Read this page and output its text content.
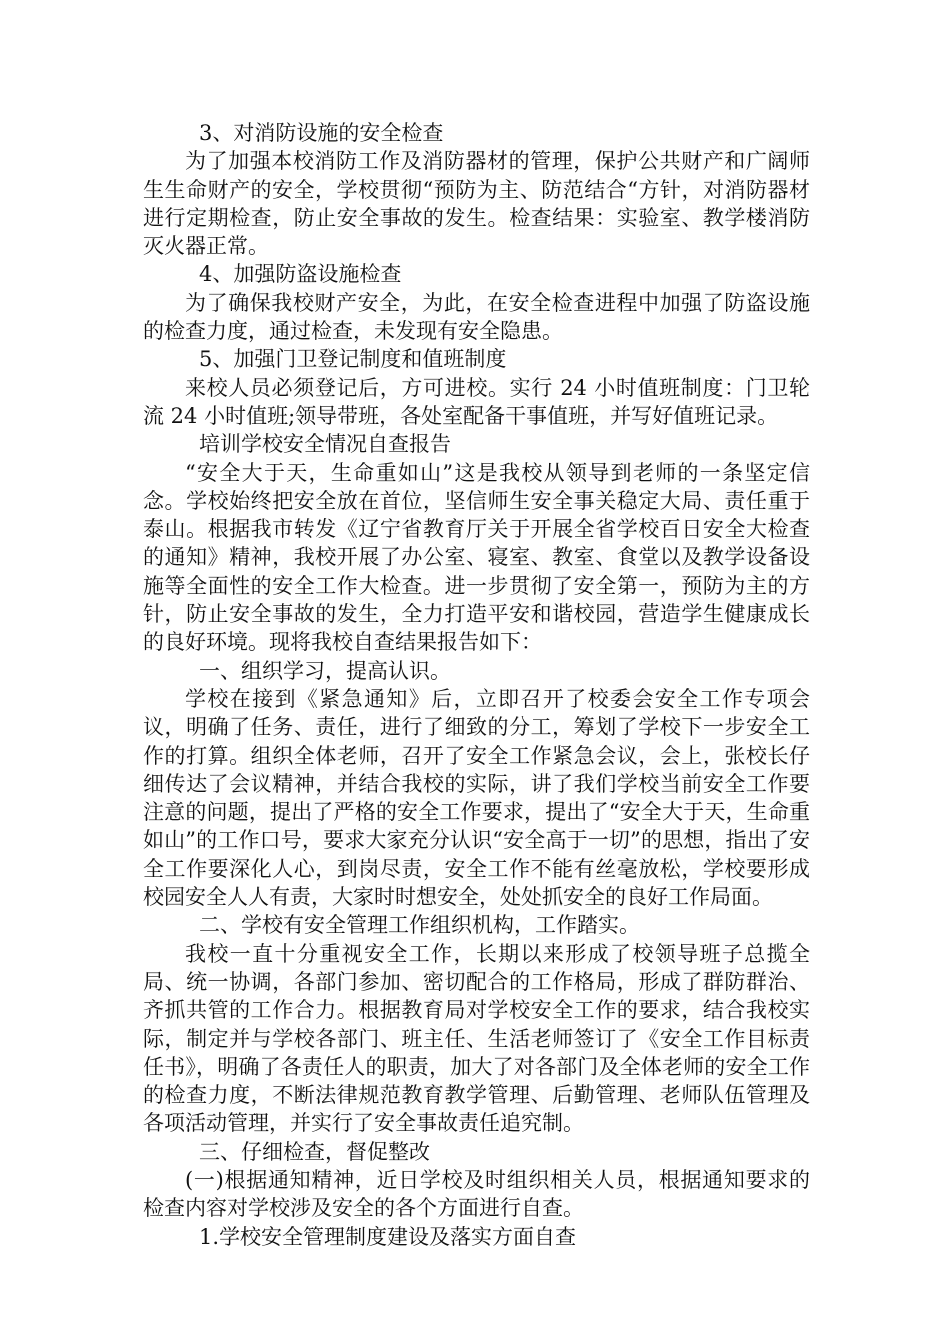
3、对消防设施的安全检查

为了加强本校消防工作及消防器材的管理，保护公共财产和广阔师生生命财产的安全，学校贯彻“预防为主、防范结合“方针，对消防器材进行定期检查，防止安全事故的发生。检查结果：实验室、教学楼消防灭火器正常。

4、加强防盗设施检查

为了确保我校财产安全，为此，在安全检查进程中加强了防盗设施的检查力度，通过检查，未发现有安全隐患。

5、加强门卫登记制度和值班制度

来校人员必须登记后，方可进校。实行 24 小时值班制度：门卫轮流 24 小时值班;领导带班，各处室配备干事值班，并写好值班记录。

培训学校安全情况自查报告

“安全大于天，生命重如山”这是我校从领导到老师的一条坚定信念。学校始终把安全放在首位，坚信师生安全事关稳定大局、责任重于泰山。根据我市转发《辽宁省教育厅关于开展全省学校百日安全大检查的通知》精神，我校开展了办公室、寝室、教室、食堂以及教学设备设施等全面性的安全工作大检查。进一步贯彻了安全第一，预防为主的方针，防止安全事故的发生，全力打造平安和谐校园，营造学生健康成长的良好环境。现将我校自查结果报告如下：

一、组织学习，提高认识。

学校在接到《紧急通知》后，立即召开了校委会安全工作专项会议，明确了任务、责任，进行了细致的分工，筹划了学校下一步安全工作的打算。组织全体老师，召开了安全工作紧急会议，会上，张校长仔细传达了会议精神，并结合我校的实际，讲了我们学校当前安全工作要注意的问题，提出了严格的安全工作要求，提出了“安全大于天，生命重如山”的工作口号，要求大家充分认识“安全高于一切”的思想，指出了安全工作要深化人心，到岗尽责，安全工作不能有丝毫放松，学校要形成校园安全人人有责，大家时时想安全，处处抓安全的良好工作局面。

二、学校有安全管理工作组织机构，工作踏实。

我校一直十分重视安全工作，长期以来形成了校领导班子总揽全局、统一协调，各部门参加、密切配合的工作格局，形成了群防群治、齐抓共管的工作合力。根据教育局对学校安全工作的要求，结合我校实际，制定并与学校各部门、班主任、生活老师签订了《安全工作目标责任书》，明确了各责任人的职责，加大了对各部门及全体老师的安全工作的检查力度，不断法律规范教育教学管理、后勤管理、老师队伍管理及各项活动管理，并实行了安全事故责任追究制。

三、仔细检查，督促整改

(一)根据通知精神，近日学校及时组织相关人员，根据通知要求的检查内容对学校涉及安全的各个方面进行自查。

1.学校安全管理制度建设及落实方面自查
